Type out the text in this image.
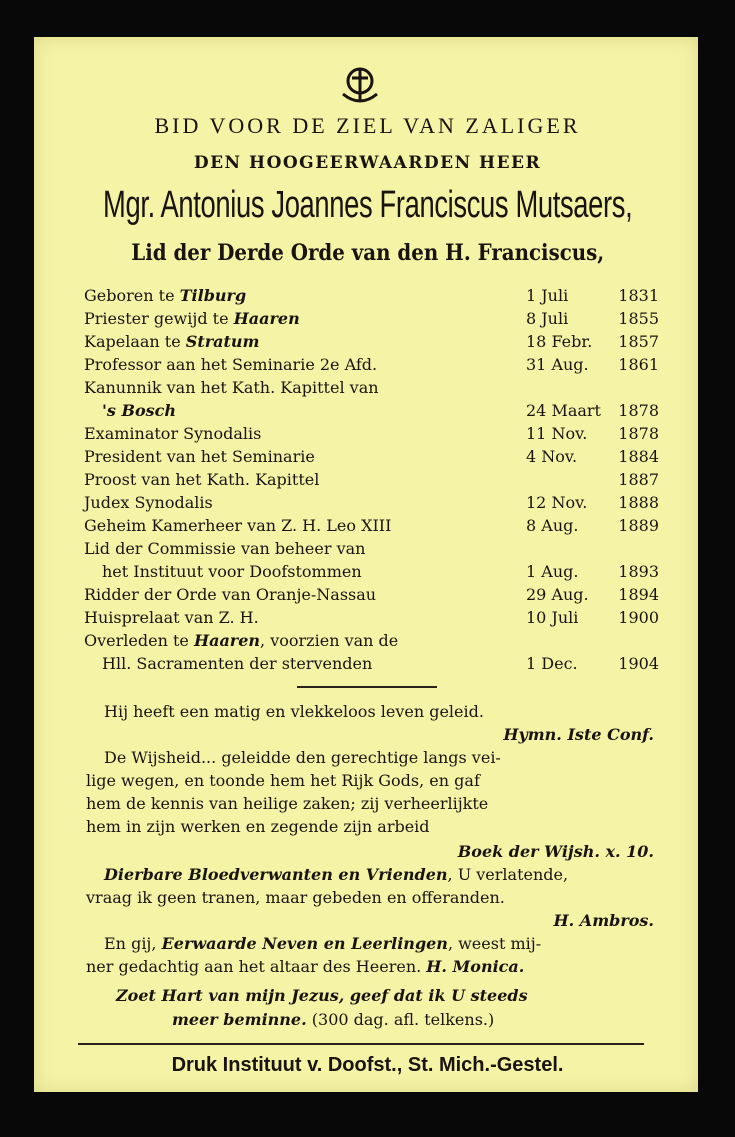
BID VOOR DE ZIEL VAN ZALIGER
DEN HOOGEERWAARDEN HEER
Mgr. Antonius Joannes Franciscus Mutsaers,
Lid der Derde Orde van den H. Franciscus,
Geboren te Tilburg	1 Juli	1831
Priester gewijd te Haaren	8 Juli	1855
Kapelaan te Stratum	18 Febr. 1857
Professor aan het Seminarie 2e Afd.	31 Aug. 1861
Kanunnik van het Kath. Kapittel van
's Bosch	24 Maart 1878
Examinator Synodalis	11 Nov. 1878
President van het Seminarie	4 Nov.	1884
Proost van het Kath. Kapittel	1887
Judex Synodalis	12 Nov. 1888
Geheim Kamerheer van Z. H. Leo XIII	8 Aug. 1889
Lid der Commissie van beheer van
het Instituut voor Doofstommen	1 Aug. 1893
Ridder der Orde van Oranje-Nassau	29 Aug. 1894
Huisprelaat van Z. H.	10 Juli 1900
Overleden te Haaren, voorzien van de
Hll. Sacramenten der stervenden	1 Dec.	1904
Hij heeft een matig en vlekkeloos leven geleid.
Hymn. Iste Conf.
De Wijsheid... geleidde den gerechtige langs vei-
lige wegen, en toonde hem het Rijk Gods, en gaf
hem de kennis van heilige zaken; zij verheerlijkte
hem in zijn werken en zegende zijn arbeid
Boek der Wijsh. x. 10.
Dierbare Bloedverwanten en Vrienden, U verlatende,
vraag ik geen tranen, maar gebeden en offeranden.
H. Ambros.
En gij, Eerwaarde Neven en Leerlingen, weest mij-
ner gedachtig aan het altaar des Heeren. H. Monica.
Zoet Hart van mijn Jezus, geef dat ik U steeds
meer beminne. (300 dag. afl. telkens.)
Druk Instituut v. Doofst., St. Mich.-Gestel.
